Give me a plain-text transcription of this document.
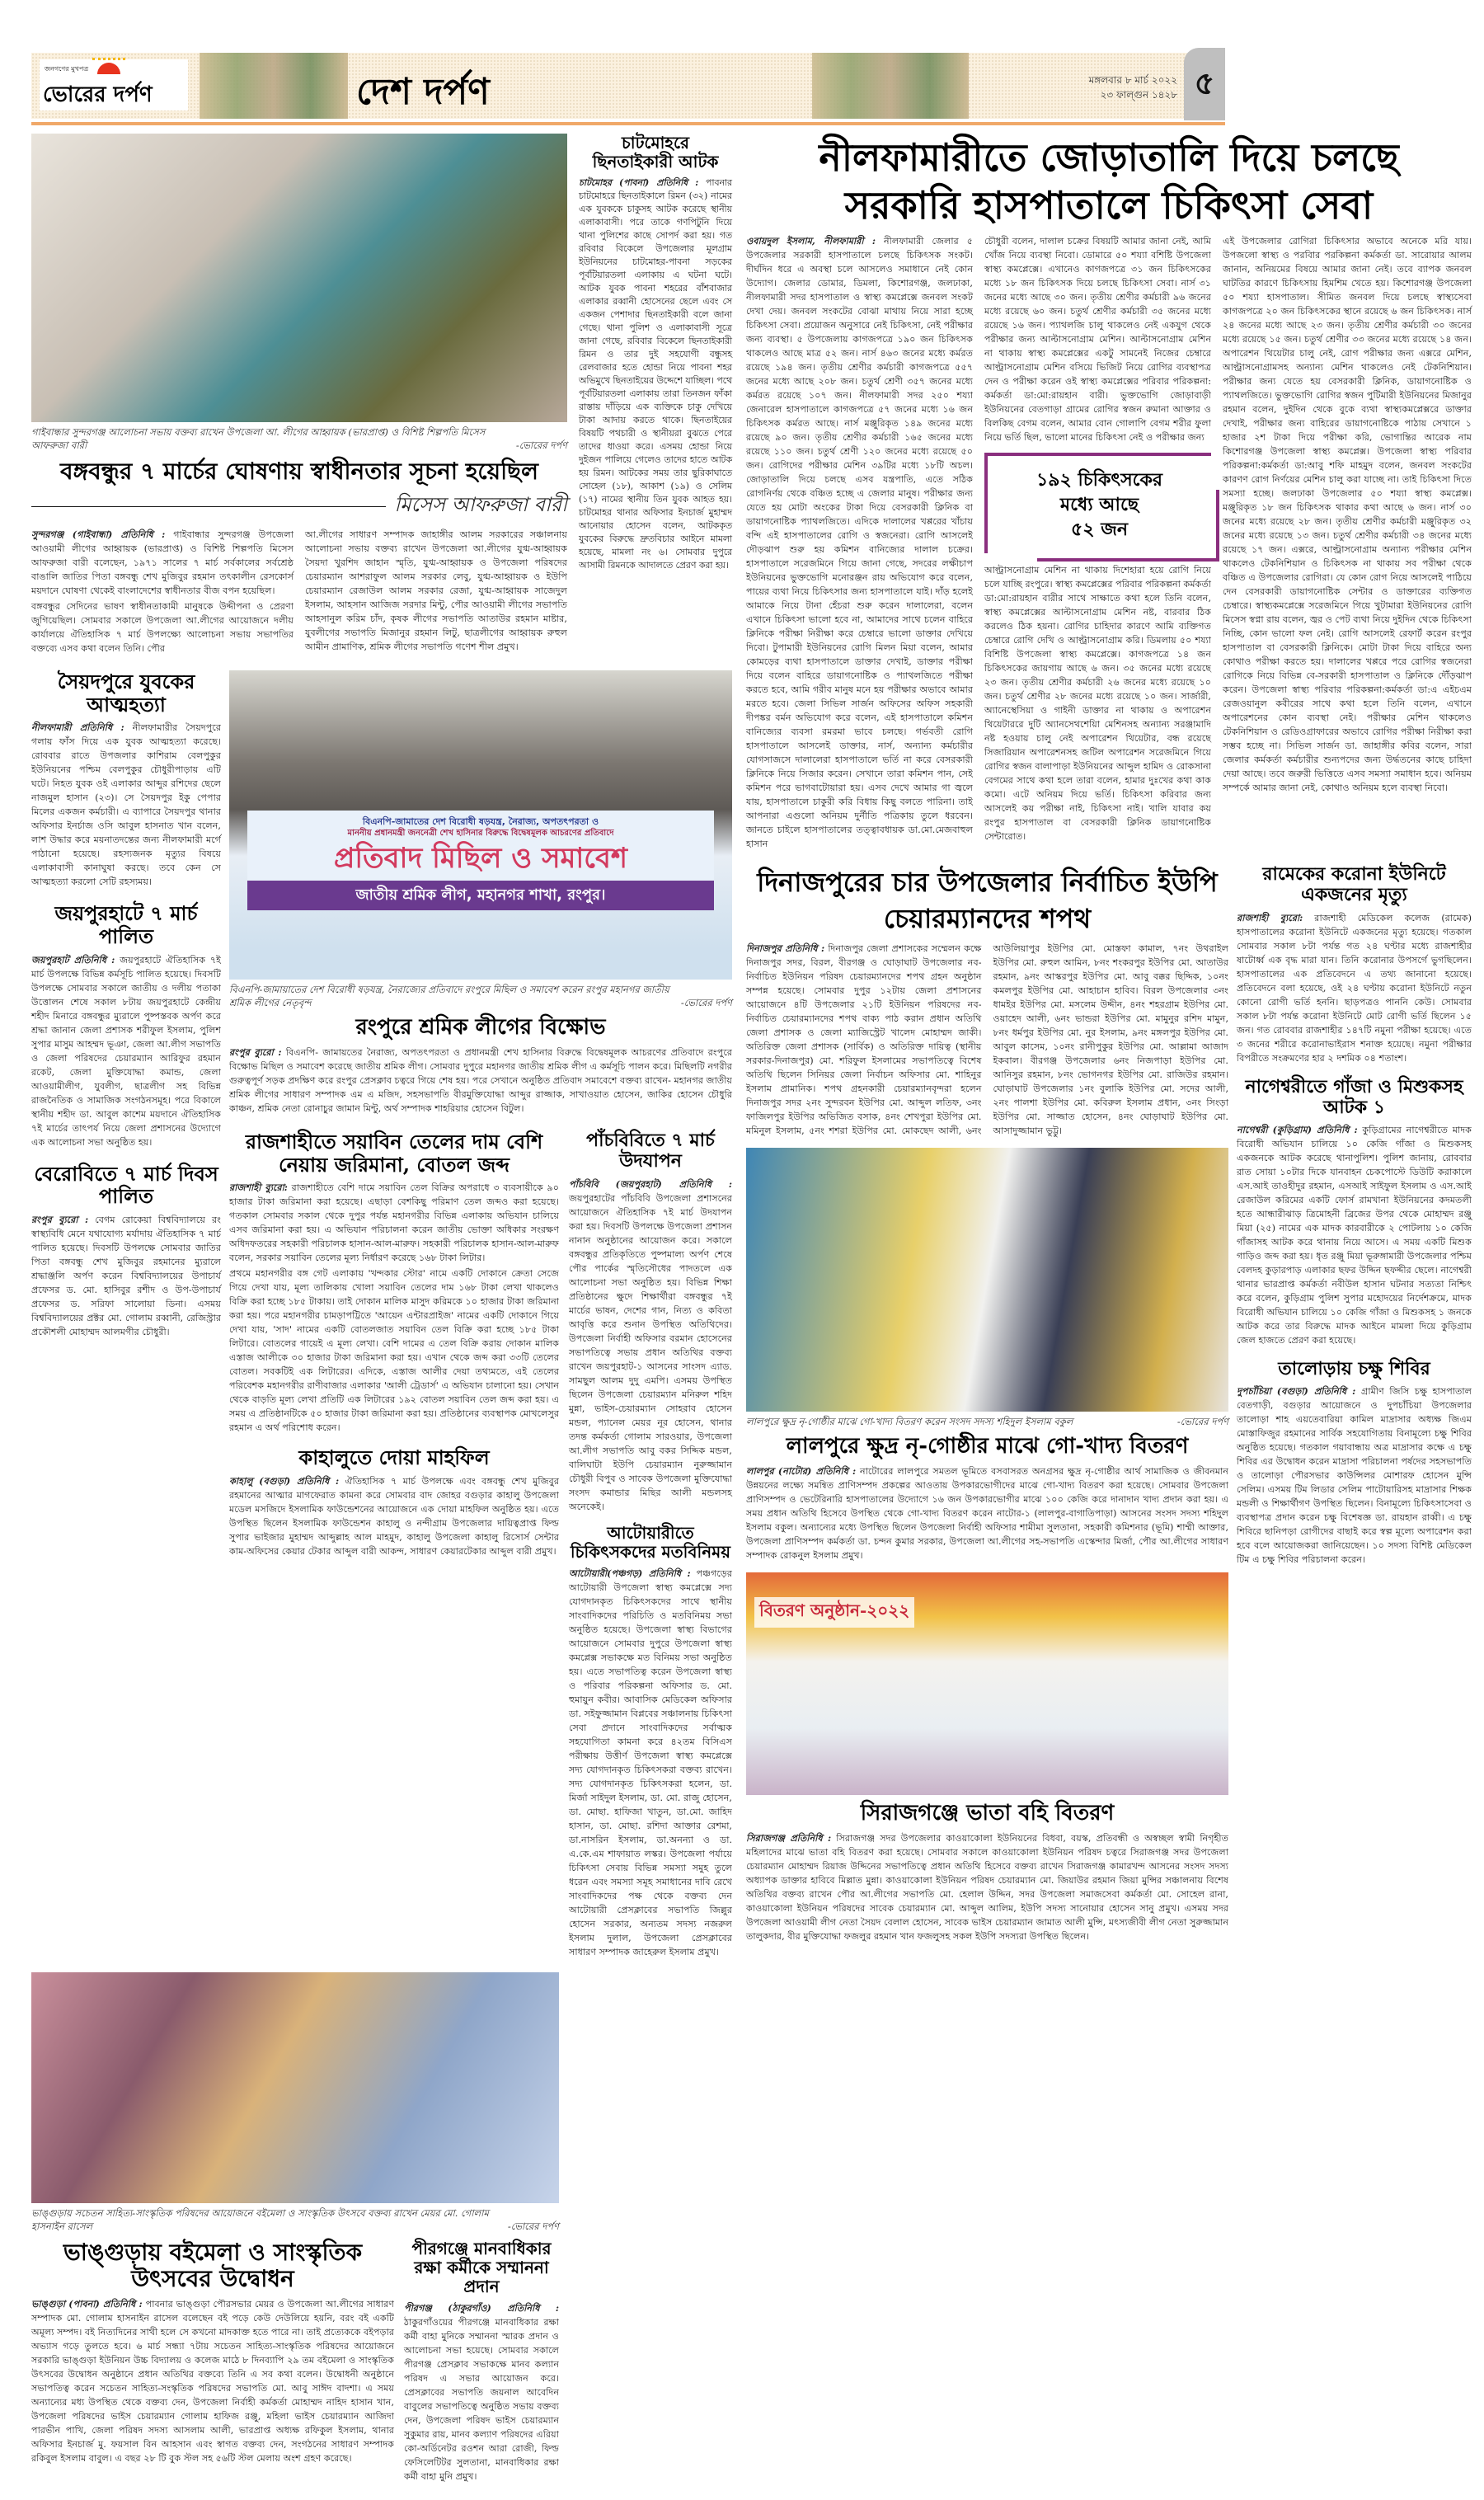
জনগণের মুখপত্র
ভোরের দর্পণ	দেশ দর্পণ	মঙ্গলবার ৮ মার্চ ২০২২
২৩ ফাল্গুন ১৪২৮ ৫
গাইবান্ধার সুন্দরগঞ্জ আলোচনা সভায় বক্তব্য রাখেন উপজেলা আ. লীগের আহ্বায়ক (ভারপ্রাপ্ত) ও বিশিষ্ট শিল্পপতি মিসেস আফরুজা বারী	-ভোরের দর্পণ
বঙ্গবন্ধুর ৭ মার্চের ঘোষণায় স্বাধীনতার সূচনা হয়েছিল
মিসেস আফরুজা বারী

সুন্দরগঞ্জ (গাইবান্ধা) প্রতিনিধি : গাইবান্ধার সুন্দরগঞ্জ উপজেলা আওয়ামী লীগের আহ্বায়ক (ভারপ্রাপ্ত) ও বিশিষ্ট শিল্পপতি মিসেস আফরুজা বারী বলেছেন, ১৯৭১ সালের ৭ মার্চ সর্বকালের সর্বশ্রেষ্ঠ বাঙালি জাতির পিতা বঙ্গবন্ধু শেখ মুজিবুর রহমান তৎকালীন রেসকোর্স ময়দানে ঘোষণা থেকেই বাংলাদেশের স্বাধীনতার বীজ বপন হয়েছিল।

বঙ্গবন্ধুর সেদিনের ভাষণ স্বাধীনতাকামী মানুষকে উদ্দীপনা ও প্রেরণা জুগিয়েছিল। সোমবার সকালে উপজেলা আ.লীগের আয়োজনে দলীয় কার্যালয়ে ঐতিহাসিক ৭ মার্চ উপলক্ষ্যে আলোচনা সভায় সভাপতির বক্তব্যে এসব কথা বলেন তিনি। পৌর

আ.লীগের সাধারণ সম্পাদক জাহাঙ্গীর আলম সরকারের সঞ্চালনায় আলোচনা সভায় বক্তব্য রাখেন উপজেলা আ.লীগের যুগ্ম-আহ্বায়ক সৈয়দা খুরশিদ জাহান স্মৃতি, যুগ্ম-আহ্বায়ক ও উপজেলা পরিষদের চেয়ারম্যান আশরাফুল আলম সরকার লেবু, যুগ্ম-আহ্বায়ক ও ইউপি চেয়ারম্যান রেজাউল আলম সরকার রেজা, যুগ্ম-আহ্বায়ক সাজেদুল ইসলাম, আহসান আজিজ সরদার মিন্টু, পৌর আওয়ামী লীগের সভাপতি আহসানুল করিম চাঁদ, কৃষক লীগের সভাপতি আতাউর রহমান মাষ্টার, যুবলীগের সভাপতি মিজানুর রহমান লিটু, ছাত্রলীগের আহ্বায়ক রুহুল আমীন প্রামাণিক, শ্রমিক লীগের সভাপতি গণেশ শীল প্রমুখ।
চাটমোহরে ছিনতাইকারী আটক
চাটমোহর (পাবনা) প্রতিনিধি : পাবনার চাটমোহরে ছিনতাইকালে রিমন (৩২) নামের এক যুবককে চাকুসহ আটক করেছে স্থানীয় এলাকাবাসী। পরে তাকে গণপিটুনি দিয়ে থানা পুলিশের কাছে সোপর্দ করা হয়। গত রবিবার বিকেলে উপজেলার মূলগ্রাম ইউনিয়নের চাটমোহর-পাবনা সড়কের পূর্বটিয়ারতলা এলাকায় এ ঘটনা ঘটে। আটক যুবক পাবনা শহরের বাঁশবাজার এলাকার রব্বানী হোসেনের ছেলে এবং সে একজন পেশাদার ছিনতাইকারী বলে জানা গেছে। থানা পুলিশ ও এলাকাবাসী সূত্রে জানা গেছে, রবিবার বিকেলে ছিনতাইকারী রিমন ও তার দুই সহযোগী বন্ধুসহ রেলবাজার হতে হোন্ডা নিয়ে পাবনা শহর অভিমুখে ছিনতাইয়ের উদ্দেশে যাচ্ছিল। পথে পূর্বটিয়ারতলা এলাকায় তারা তিনজন ফাঁকা রাস্তায় দাঁড়িয়ে এক ব্যক্তিকে চাকু দেখিয়ে টাকা আদায় করতে থাকে। ছিনতাইয়ের বিষয়টি পথচারী ও স্থানীয়রা বুঝতে পেরে তাদের ধাওয়া করে। এসময় হোন্ডা নিয়ে দুইজন পালিয়ে গেলেও তাদের হাতে আটক হয় রিমন। আটকের সময় তার ছুরিকাঘাতে সোহেল (১৮), আকাশ (১৯) ও সেলিম (১৭) নামের স্থানীয় তিন যুবক আহত হয়। চাটমোহর থানার অফিসার ইনচার্জ মুহাম্মদ আনোয়ার হোসেন বলেন, আটককৃত যুবকের বিরুদ্ধে দ্রুতবিচার আইনে মামলা হয়েছে, মামলা নং ৬। সোমবার দুপুরে আসামী রিমনকে আদালতে প্রেরণ করা হয়।
সৈয়দপুরে যুবকের আত্মহত্যা
নীলফামারী প্রতিনিধি : নীলফামারীর সৈয়দপুরে গলায় ফাঁস দিয়ে এক যুবক আত্মহত্যা করেছে। রোববার রাতে উপজলার কাশিরাম বেলপুকুর ইউনিয়নের পশ্চিম বেলপুকুর চৌধুরীপাড়ায় এটি ঘটে। নিহত যুবক ওই এলাকার আব্দুর রশিদের ছেলে নাজমুল হাসান (২৩)। সে সৈয়দপুর ইকু পেপার মিলের একজন কর্মচারী। এ ব্যাপারে সৈয়দপুর থানার অফিসার ইনর্চাজ ওসি আবুল হাসনাত খান বলেন, লাশ উদ্ধার করে ময়নাতদন্তের জন্য নীলফামারী মর্গে পাঠানো হয়েছে। রহস্যজনক মৃত্যুর বিষয়ে এলাকাবাসী কানাঘুষা করছে। তবে কেন সে আত্মহত্যা করলো সেটি রহস্যময়।
জয়পুরহাটে ৭ মার্চ পালিত
জয়পুরহাট প্রতিনিধি : জয়পুরহাটে ঐতিহাসিক ৭ই মার্চ উপলক্ষে বিভিন্ন কর্মসূচি পালিত হয়েছে। দিবসটি উপলক্ষে সোমবার সকালে জাতীয় ও দলীয় পতাকা উত্তোলন শেষে সকাল ৮টায় জয়পুরহাটে কেন্দ্রীয় শহীদ মিনারে বঙ্গবন্ধুর ম্যুরালে পুষ্পস্তবক অর্পণ করে শ্রদ্ধা জানান জেলা প্রশাসক শরীফুল ইসলাম, পুলিশ সুপার মাসুম আহম্মদ ভূঞা, জেলা আ.লীগ সভাপতি ও জেলা পরিষদের চেয়ারম্যান আরিফুর রহমান রকেট, জেলা মুক্তিযোদ্ধা কমান্ড, জেলা আওয়ামীলীগ, যুবলীগ, ছাত্রলীগ সহ বিভিন্ন রাজনৈতিক ও সামাজিক সংগঠনসমূহ। পরে বিকালে স্থানীয় শহীদ ডা. আবুল কাশেম ময়দানে ঐতিহাসিক ৭ই মার্চের তাৎপর্য নিয়ে জেলা প্রশাসনের উদ্যোগে এক আলোচনা সভা অনুষ্ঠিত হয়।
বেরোবিতে ৭ মার্চ দিবস পালিত
রংপুর ব্যুরো : বেগম রোকেয়া বিশ্ববিদ্যালয়ে রং স্বাস্থ্যবিধি মেনে যথাযোগ্য মর্যাদায় ঐতিহাসিক ৭ মার্চ পালিত হয়েছে। দিবসটি উপলক্ষে সোমবার জাতির পিতা বঙ্গবন্ধু শেখ মুজিবুর রহমানের ম্যুরালে শ্রদ্ধাঞ্জলি অর্পণ করেন বিশ্ববিদ্যালয়ের উপাচার্য প্রফেসর ড. মো. হাসিবুর রশীদ ও উপ-উপাচার্য প্রফেসর ড. সরিফা সালোয়া ডিনা। এসময় বিশ্ববিদ্যালয়ের প্রক্টর মো. গোলাম রব্বানী, রেজিস্ট্রার প্রকৌশলী মোহাম্মদ আলমগীর চৌধুরী।
বিএনপি-জামাতের দেশ বিরোধী ষড়যন্ত্র, নৈরাজ্য, অপতৎপরতা ও
মাননীয় প্রধানমন্ত্রী জননেত্রী শেখ হাসিনার বিরুদ্ধে বিদ্বেষমূলক আচরণের প্রতিবাদে
প্রতিবাদ মিছিল ও সমাবেশ
জাতীয় শ্রমিক লীগ, মহানগর শাখা, রংপুর।
বিএনপি-জামায়াতের দেশ বিরোধী ষড়যন্ত্র, নৈরাজ্যের প্রতিবাদে রংপুরে মিছিল ও সমাবেশ করেন রংপুর মহানগর জাতীয় শ্রমিক লীগের নেতৃবৃন্দ	-ভোরের দর্পণ
রংপুরে শ্রমিক লীগের বিক্ষোভ
রংপুর ব্যুরো : বিএনপি- জামায়তের নৈরাজ্য, অপতৎপরতা ও প্রধানমন্ত্রী শেখ হাসিনার বিরুদ্ধে বিদ্বেষমূলক আচরণের প্রতিবাদে রংপুরে বিক্ষোভ মিছিল ও সমাবেশ করেছে জাতীয় শ্রমিক লীগ। সোমবার দুপুরে মহানগর জাতীয় শ্রমিক লীগ এ কর্মসূচি পালন করে। মিছিলটি নগরীর গুরুত্বপূর্ণ সড়ক প্রদক্ষিণ করে রংপুর প্রেসক্লাব চত্বরে গিয়ে শেষ হয়। পরে সেখানে অনুষ্ঠিত প্রতিবাদ সমাবেশে বক্তব্য রাখেন- মহানগর জাতীয় শ্রমিক লীগের সাধারণ সম্পাদক এম এ মজিদ, সহসভাপতি বীরমুক্তিযোদ্ধা আব্দুর রাজ্জাক, সাখাওয়াত হোসেন, জাকির হোসেন চৌধুরি কাঞ্চন, শ্রমিক নেতা রোনাচুর জামান মিন্টু, অর্থ সম্পাদক শাহরিয়ার হোসেন বিটুল।
রাজশাহীতে সয়াবিন তেলের দাম বেশি নেয়ায় জরিমানা, বোতল জব্দ

রাজশাহী ব্যুরো: রাজশাহীতে বেশি দামে সয়াবিন তেল বিক্রির অপরাধে ৩ ব্যবসায়ীকে ৯০ হাজার টাকা জরিমানা করা হয়েছে। এছাড়া বেশকিছু পরিমাণ তেল জব্দও করা হয়েছে। গতকাল সোমবার সকাল থেকে দুপুর পর্যন্ত মহানগরীর বিভিন্ন এলাকায় অভিযান চালিয়ে এসব জরিমানা করা হয়। এ অভিযান পরিচালনা করেন জাতীয় ভোক্তা অধিকার সংরক্ষণ অধিদফতরের সহকারী পরিচালক হাসান-আল-মারুফ। সহকারী পরিচালক হাসান-আল-মারুফ বলেন, সরকার সয়াবিন তেলের মূল্য নির্ধারণ করেছে ১৬৮ টাকা লিটার।

প্রথমে মহানগরীর বঙ্গ গেট এলাকায় 'খন্দকার স্টোর' নামে একটি দোকানে ক্রেতা সেজে গিয়ে দেখা যায়, মূল্য তালিকায় খোলা সয়াবিন তেলের দাম ১৬৮ টাকা লেখা থাকলেও বিক্রি করা হচ্ছে ১৮৫ টাকায়। তাই দোকান মালিক মাসুদ করিমকে ১০ হাজার টাকা জরিমানা করা হয়। পরে মহানগরীর চামড়াপট্টিতে 'আয়েন এন্টারপ্রাইজ' নামের একটি দোকানে গিয়ে দেখা যায়, 'সাদ' নামের একটি বোতলজাত সয়াবিন তেল বিক্রি করা হচ্ছে ১৮৫ টাকা লিটারে। বোতলের গায়েই এ মূল্য লেখা। বেশি দামের এ তেল বিক্রি করায় দোকান মালিক এস্তাজ আলীকে ৩০ হাজার টাকা জরিমানা করা হয়। এখান থেকে জব্দ করা ৩৩টি তেলের বোতল। সবকটিই এক লিটারের। এদিকে, এস্তাজ আলীর দেয়া তথ্যমতে, এই তেলের পরিবেশক মহানগরীর রাণীবাজার এলাকার 'আলী ট্রেডার্স' এ অভিযান চালানো হয়। সেখান থেকে বাড়তি মূল্য লেখা প্রতিটি এক লিটারের ১৯২ বোতল সয়াবিন তেল জব্দ করা হয়। এ সময় এ প্রতিষ্ঠানটিকে ৫০ হাজার টাকা জরিমানা করা হয়। প্রতিষ্ঠানের ব্যবস্থাপক মোখলেসুর রহমান এ অর্থ পরিশোধ করেন।

কাহালুতে দোয়া মাহফিল
কাহালু (বগুড়া) প্রতিনিধি : ঐতিহাসিক ৭ মার্চ উপলক্ষে এবং বঙ্গবন্ধু শেখ মুজিবুর রহমানের আত্মার মাগফেরাত কামনা করে সোমবার বাদ জোহর বগুড়ার কাহালু উপজেলা মডেল মসজিদে ইসলামিক ফাউন্ডেশনের আয়োজনে এক দোয়া মাহফিল অনুষ্ঠিত হয়। এতে উপস্থিত ছিলেন ইসলামিক ফাউন্ডেশন কাহালু ও নন্দীগ্রাম উপজেলার দায়িত্বপ্রাপ্ত ফিল্ড সুপার ভাইজার মুহাম্মদ আব্দুল্লাহ আল মাহমুদ, কাহালু উপজেলা কাহালু রিসোর্স সেন্টার কাম-অফিসের কেয়ার টেকার আব্দুল বারী আকন্দ, সাধারণ কেয়ারটেকার আব্দুল বারী প্রমুখ।
পাঁচবিবিতে ৭ মার্চ উদযাপন
পাঁচবিবি (জয়পুরহাট) প্রতিনিধি : জয়পুরহাটের পাঁচবিবি উপজেলা প্রশাসনের আয়োজনে ঐতিহাসিক ৭ই মার্চ উদযাপন করা হয়। দিবসটি উপলক্ষে উপজেলা প্রশাসন নানান অনুষ্ঠানের আয়োজন করে। সকালে বঙ্গবন্ধুর প্রতিকৃতিতে পুষ্পমাল্য অর্পণ শেষে পৌর পার্কের স্মৃতিসৌধের পাদতলে এক আলোচনা সভা অনুষ্ঠিত হয়। বিভিন্ন শিক্ষা প্রতিষ্ঠানের ক্ষুদে শিক্ষার্থীরা বঙ্গবন্ধুর ৭ই মার্চের ভাষন, দেশের গান, নিত্য ও কবিতা আবৃত্তি করে শুনান উপস্থিত অতিথিদের। উপজেলা নির্বাহী অফিসার বরমান হোসেনের সভাপতিত্বে সভায় প্রধান অতিথির বক্তব্য রাখেন জয়পুরহাট-১ আসনের সাংসদ এ্যাড. সামছুল আলম দুদু এমপি। এসময় উপস্থিত ছিলেন উপজেলা চেয়ারম্যান মনিরুল শহিদ মুন্না, ভাইস-চেয়ারম্যান সোহরাব হোসেন মন্ডল, প্যানেল মেয়র নূর হোসেন, থানার তদন্ত কর্মকর্তা গোলাম সারওয়ার, উপজেলা আ.লীগ সভাপতি আবু বকর সিদ্দিক মন্ডল, বালিঘাটা ইউপি চেয়ারম্যান নুরুজ্জামান চৌধুরী বিপুব ও সাবেক উপজেলা মুক্তিযোদ্ধা সংসদ কমান্ডার মিছির আলী মন্ডলসহ অনেকেই।
আটোয়ারীতে চিকিৎসকদের মতবিনিময়
আটোয়ারী(পঞ্চগড়) প্রতিনিধি : পঞ্চগড়ের আটোয়ারী উপজেলা স্বাস্থ্য কমপ্লেক্সে সদ্য যোগদানকৃত চিকিৎসকদের সাথে স্থানীয় সাংবাদিকদের পরিচিতি ও মতবিনিময় সভা অনুষ্ঠিত হয়েছে। উপজেলা স্বাস্থ্য বিভাগের আয়োজনে সোমবার দুপুরে উপজেলা স্বাস্থ্য কমপ্লেক্স সভাকক্ষে মত বিনিময় সভা অনুষ্ঠিত হয়। এতে সভাপতিত্ব করেন উপজেলা স্বাস্থ্য ও পরিবার পরিকল্পনা অফিসার ড. মো. হুমায়ুন কবীর। আবাসিক মেডিকেল অফিসার ডা. সইফুজ্জামান বিপ্লবের সঞ্চালনায় চিকিৎসা সেবা প্রদানে সাংবাদিকদের সর্বাত্মক সহযোগিতা কামনা করে ৪২তম বিসিএস পরীক্ষায় উত্তীর্ণ উপজেলা স্বাস্থ্য কমপ্লেক্সে সদ্য যোগদানকৃত চিকিৎসকরা বক্তব্য রাখেন। সদ্য যোগদানকৃত চিকিৎসকরা হলেন, ডা. মির্জা সাইদুল ইসলাম, ডা. মো. রাজু হোসেন, ডা. মোছা. হাফিজা খাতুন, ডা.মো. জাহিদ হাসান, ডা. মোছা. রশিদা আক্তার রেশমা, ডা.নাসরিন ইসলাম, ডা.অনন্যা ও ডা. এ.কে.এম শাফায়াত লস্কর। উপজেলা পর্যায়ে চিকিৎসা সেবায় বিভিন্ন সমস্যা সমুহ তুলে ধরেন এবং সমস্যা সমূহ সমাধানের দাবি রেখে সাংবাদিকদের পক্ষ থেকে বক্তব্য দেন আটোয়ারী প্রেসক্লাবের সভাপতি জিল্লুর হোসেন সরকার, অন্যতম সদস্য নজরুল ইসলাম দুলাল, উপজেলা প্রেসক্লাবের সাধারণ সম্পাদক জাহেরুল ইসলাম প্রমুখ।
ভাঙ্গুড়ায় সচেতন সাহিত্য-সাংস্কৃতিক পরিষদের আয়োজনে বইমেলা ও সাংস্কৃতিক উৎসবে বক্তব্য রাখেন মেয়র মো. গোলাম হাসনাইন রাসেল	-ভোরের দর্পণ
ভাঙ্গুড়ায় বইমেলা ও সাংস্কৃতিক উৎসবের উদ্বোধন
ভাঙ্গুড়া (পাবনা) প্রতিনিধি : পাবনার ভাঙ্গুড়া পৌরসভার মেয়র ও উপজেলা আ.লীগের সাধারণ সম্পাদক মো. গোলাম হাসনাইন রাসেল বলেছেন বই পড়ে কেউ দেউলিয়ে হয়নি, বরং বই একটি অমূল্য সম্পদ। বই নিত্যদিনের সাথী হলে সে কখনো মাদকাক্ত হতে পারে না। তাই প্রত্যেককে বইপড়ার অভ্যাস গড়ে তুলতে হবে। ৬ মার্চ সন্ধ্যা ৭টায় সচেতন সাহিত্য-সাংস্কৃতিক পরিষদের আয়োজনে সরকারি ভাঙ্গুড়া ইউনিয়ন উচ্চ বিদ্যালয় ও কলেজ মাঠে ৮ দিনব্যাপি ২৯ তম বইমেলা ও সাংস্কৃতিক উৎসবের উদ্বোধন অনুষ্ঠানে প্রধান অতিথির বক্তব্যে তিনি এ সব কথা বলেন। উদ্বোধনী অনুষ্ঠানে সভাপতিত্ব করেন সচেতন সাহিত্য-সংস্কৃতিক পরিষদের সভাপতি মো. আবু সাঈদ বাদশা। এ সময় অন্যান্যের মধ্য উপস্থিত থেকে বক্তব্য দেন, উপজেলা নির্বাহী কর্মকর্তা মোহাম্মদ নাহিদ হাসান খান, উপজেলা পরিষদের ভাইস চেয়ারম্যান গোলাম হাফিজ রঞ্জু, মহিলা ভাইস চেয়ারম্যান আজিদা পারভীন পাখি, জেলা পরিষদ সদস্য আসলাম আলী, ভারপ্রাপ্ত অধ্যক্ষ রফিকুল ইসলাম, থানার অফিসার ইনচার্জ মু. ফয়সাল বিন আহসান এবং স্বাগত বক্তব্য দেন, সংগঠনের সাধারণ সম্পাদক রকিবুল ইসলাম বাবুল। এ বছর ২৮ টি বুক স্টল সহ ৫৬টি স্টল মেলায় অংশ গ্রহণ করেছে।
পীরগঞ্জে মানবাধিকার রক্ষা কর্মীকে সম্মাননা প্রদান
পীরগঞ্জ (ঠাকুরগাঁও) প্রতিনিধি : ঠাকুরগাঁওয়ের পীরগঞ্জে মানবাধিকার রক্ষা কর্মী বাহা মুনিকে সম্মাননা স্মারক প্রদান ও আলোচনা সভা হয়েছে। সোমবার সকালে পীরগঞ্জ প্রেসক্লাব সভাকক্ষে মানব কল্যান পরিষদ এ সভার আয়োজন করে। প্রেসক্লাবের সভাপতি জয়নাল আবেদিন বাবুলের সভাপতিত্বে অনুষ্ঠিত সভায় বক্তব্য দেন, উপজেলা পরিষদ ভাইস চেয়ারম্যান সুকুমার রায়, মানব কল্যাণ পরিষদের এরিয়া কো-অর্ডিনেটর রওশন আরা রোজী, ফিল্ড ফেসিলেটিটর সুলতানা, মানবাধিকার রক্ষা কর্মী বাহা মুনি প্রমুখ।
নীলফামারীতে জোড়াতালি দিয়ে চলছে
সরকারি হাসপাতালে চিকিৎসা সেবা
ওবায়দুল ইসলাম, নীলফামারী : নীলফামারী জেলার ৫ উপজেলার সরকারী হাসপাতালে চলছে চিকিৎসক সংকট। দীর্ঘদিন ধরে এ অবস্থা চলে আসলেও সমাধানে নেই কোন উদ্যোগ। জেলার ডোমার, ডিমলা, কিশোরগঞ্জ, জলঢাকা, নীলফামারী সদর হাসপাতাল ও স্বাস্থ্য কমপ্লেক্সে জনবল সংকট দেখা দেয়। জনবল সংকটের বোঝা মাথায় নিয়ে সারা হচ্ছে চিকিৎসা সেবা। প্রয়োজন অনুসারে নেই চিকিৎসা, নেই পরীক্ষার জন্য ব্যবস্থা। ৫ উপজেলায় কাগজপত্রে ১৯০ জন চিকিৎসক থাকলেও আছে মাত্র ৫২ জন। নার্স ৪৬৩ জনের মধ্যে কর্মরত রয়েছে ১৯৪ জন। তৃতীয় শ্রেণীর কর্মচারী কাগজপত্রে ৫৫৭ জনের মধ্যে আছে ২০৮ জন। চতুর্থ শ্রেণী ৩৫৭ জনের মধ্যে কর্মরত রয়েছে ১০৭ জন। নীলফামারী সদর ২৫০ শয্যা জেনারেল হাসপাতালে কাগজপত্রে ৫৭ জনের মধ্যে ১৬ জন চিকিৎসক কর্মরত আছে। নার্স মঞ্জুরিকৃত ১৪৯ জনের মধ্যে রয়েছে ৯০ জন। তৃতীয় শ্রেণীর কর্মচারী ১৬৫ জনের মধ্যে রয়েছে ১১০ জন। চতুর্থ শ্রেণী ১২০ জনের মধ্যে রয়েছে ৫০ জন। রোগিদের পরীক্ষার মেশিন ৩৯টির মধ্যে ১৮টি অচল। জোড়াতালি দিয়ে চলছে এসব যন্ত্রপাতি, এতে সঠিক রোগনির্ণয় থেকে বঞ্চিত হচ্ছে এ জেলার মানুষ। পরীক্ষার জন্য যেতে হয় মোটা অংকের টাকা দিয়ে বেসরকারী ক্লিনিক বা ডায়াগনোষ্টিক প্যাথলজিতে। এদিকে দালালের খপ্পরের খাঁচায় বন্দি এই হাসপাতালের রোগি ও স্বজনেরা। রোগি আসলেই দৌড়ঝাপ শুরু হয় কমিশন বানিজ্যের দালাল চক্রের। হাসপাতালে সরেজমিনে গিয়ে জানা গেছে, সদরের লক্ষীচাপ ইউনিয়নের ভুক্তভোগি মনোরঞ্জন রায় অভিযোগ করে বলেন, পায়ের ব্যথা নিয়ে চিকিৎসার জন্য হাসপাতালে যাই। দাঁড় হলেই আমাকে নিয়ে টানা হেঁচরা শুরু করেন দালালেরা, বলেন এখানে চিকিৎসা ভালো হবে না, আমাদের সাথে চলেন বাহিরে ক্লিনিকে পরীক্ষা নিরীক্ষা করে চেম্বারে ভালো ডাক্তার দেখিয়ে দিবো। টুপামারী ইউনিয়নের রোগি মিলন মিয়া বলেন, আমার কোমড়ের ব্যথা হাসপাতালে ডাক্তার দেখাই, ডাক্তার পরীক্ষা দিয়ে বলেন বাহিরে ডায়াগনোষ্টিক ও প্যাথলজিতে পরীক্ষা করতে হবে, আমি গরীব মানুষ মনে হয় পরীক্ষার অভাবে আমার মরতে হবে। জেলা সিভিল সার্জন অফিসের অফিস সহকারী দীপঙ্কর বর্মন অভিযোগ করে বলেন, এই হাসপাতালে কমিশন বানিজ্যের ব্যবসা রমরমা ভাবে চলছে। গর্ভবতী রোগি হাসপাতালে আসলেই ডাক্তার, নার্স, অন্যান্য কর্মচারীর যোগসাজসে দালালেরা হাসপাতালে ভর্তি না করে বেসরকারী ক্লিনিকে নিয়ে সিজার করেন। সেখানে তারা কমিশন পান, সেই কমিশন পরে ভাগবাটোয়ারা হয়। এসব দেখে আমার গা জ্বলে যায়, হাসপাতালে চাকুরী করি বিধায় কিছু বলতে পারিনা। তাই আপনারা এগুলো অনিয়ম দুর্নীতি পত্রিকায় তুলে ধরবেন। জানতে চাইলে হাসপাতালের তত্ত্বাবধায়ক ডা.মো.মেজবাহুল হাসান
চৌধুরী বলেন, দালাল চক্রের বিষয়টি আমার জানা নেই, আমি খোঁজ নিয়ে ব্যবস্থা নিবো। ডোমারে ৫০ শয্যা বশিষ্টি উপজেলা স্বাস্থ্য কমপ্লেক্সে। এখানেও কাগজপত্রে ৩১ জন চিকিৎসকের মধ্যে ১৮ জন চিকিৎসক দিয়ে চলছে চিকিৎসা সেবা। নার্স ৩১ জনের মধ্যে আছে ৩০ জন। তৃতীয় শ্রেণীর কর্মচারী ৯৬ জনের মধ্যে রয়েছে ৬০ জন। চতুর্থ শ্রেণীর কর্মচারী ৩৫ জনের মধ্যে রয়েছে ১৬ জন। প্যাথলজি চালু থাকলেও নেই একযুগ থেকে পরীক্ষার জন্য আল্টাসনোগ্রাম মেশিন। আল্টাসনোগ্রাম মেশিন না থাকায় স্বাস্থ্য কমপ্লেক্সের একটু সামনেই নিজের চেম্বারে আল্ট্রাসনোগ্রাম মেশিন বসিয়ে ভিজিট নিয়ে রোগির ব্যবস্থাপত্র দেন ও পরীক্ষা করেন ওই স্বাস্থ্য কমপ্লেক্সের পরিবার পরিকল্পনা: কর্মকর্তা ডা:মো:রায়হান বারী। ভুক্তভোগি জোড়াবাড়ী ইউনিয়নের বেতগাড়া গ্রামের রোগির স্বজন রুমানা আক্তার ও বিলকিছ বেগম বলেন, আমার বোন গোলাপি বেগম শরীর ফুলা নিয়ে ভর্তি ছিল, ভালো মানের চিকিৎসা নেই ও পরীক্ষার জন্য
১৯২ চিকিৎসকের
মধ্যে আছে
৫২ জন
আল্ট্রাসনোগ্রাম মেশিন না থাকায় দিশেহারা হয়ে রোগি নিয়ে চলে যাচ্ছি রংপুরে। স্বাস্থ্য কমপ্লেক্সের পরিবার পরিকল্পনা কর্মকর্তা ডা:মো:রায়হান বারীর সাথে সাক্ষাতে কথা হলে তিনি বলেন, স্বাস্থ্য কমপ্লেক্সের আল্টাসনোগ্রাম মেশিন নষ্ট, বারবার ঠিক করলেও ঠিক হয়না। রোগির চাহিদার কারণে আমি ব্যক্তিগত চেম্বারে রোগি দেখি ও আল্ট্রাসনোগ্রাম করি। ডিমলায় ৫০ শয্যা বিশিষ্টি উপজেলা স্বাস্থ্য কমপ্লেক্সে। কাগজপত্রে ১৪ জন চিকিৎসকের জায়গায় আছে ৬ জন। ৩৫ জনের মধ্যে রয়েছে ২৩ জন। তৃতীয় শ্রেণীর কর্মচারী ২৬ জনের মধ্যে রয়েছে ১০ জন। চতুর্থ শ্রেণীর ২৮ জনের মধ্যে রয়েছে ১০ জন। সার্জারী, অ্যানেস্থেসিয়া ও গাইনী ডাক্তার না থাকায় ও অপারেশন থিয়েটাররে দুটি অ্যানসেথশেয়িা মেশিনসহ অন্যান্য সরঞ্জামাদি নষ্ট হওয়ায় চালু নেই অপারেশন থিয়েটার, বন্ধ রয়েছে সিজারিয়ান অপারেশনসহ জটিল অপারেশন সরেজমিনে গিয়ে রোগির স্বজন বালাপাড়া ইউনিয়নের আব্দুল হামিদ ও রোকসানা বেগমের সাথে কথা হলে তারা বলেন, হামার দুঃখের কথা কাক কমো। এটে অনিয়ম দিয়ে ভর্তি। চিকিৎসা করিবার জন্য আসলেই কয় পরীক্ষা নাই, চিকিৎসা নাই। খালি যাবার কয় রংপুর হাসপাতাল বা বেসরকারী ক্লিনিক ডায়াগনোষ্টিক সেন্টারোত।
এই উপজেলার রোগিরা চিকিৎসার অভাবে অনেকে মরি যায়। উপজলো স্বাস্থ্য ও পরবিার পরকিল্পনা কর্মকর্তা ডা. সারোয়ার আলম জানান, অনিয়মের বিষয়ে আমার জানা নেই। তবে ব্যাপক জনবল ঘাটতির কারণে চিকিৎসায় হিমশিম খেতে হয়। কিশোরগঞ্জ উপজেলা ৫০ শয্যা হাসপাতাল। সীমিত জনবল দিয়ে চলছে স্বাস্থ্যসেবা কাগজপত্রে ২০ জন চিকিৎসকের স্থানে রয়েছে ৬ জন চিকিৎসক। নার্স ২৪ জনের মধ্যে আছে ২৩ জন। তৃতীয় শ্রেণীর কর্মচারী ৩০ জনের মধ্যে রয়েছে ১৫ জন। চতুর্থ শ্রেণীর ৩৩ জনের মধ্যে রয়েছে ১৪ জন। অপারেশন থিয়েটার চালু নেই, রোগ পরীক্ষার জন্য এক্সরে মেশিন, আল্ট্রাসনোগ্রামসহ অন্যান্য মেশিন থাকলেও নেই টেকনিশিয়ান। পরীক্ষার জন্য যেতে হয় বেসরকারী ক্লিনিক, ডায়াগনোষ্টিক ও প্যাথলজিতে। ভুক্তভোগি রোগির স্বজন পুটিমারী ইউনিয়নের মিজানুর রহমান বলেন, দুইদিন থেকে বুকে ব্যথা স্বাস্থ্যকমপ্লেক্সরে ডাক্তার দেখাই, পরীক্ষার জন্য বাহিরের ডায়াগনোষ্টিকে পাঠায় সেখানে ১ হাজার ২শ টাকা দিয়ে পরীক্ষা করি, ভোগান্তির আরেক নাম কিশোরগঞ্জ উপজেলা স্বাস্থ্য কমপ্লেক্স। উপজেলা স্বাস্থ্য পরিবার পরিকল্পনা:কর্মকর্তা ডা:আবু শফি মাহমুদ বলেন, জনবল সংকটের কারণণ রোগ নির্ণয়ের মেশিন চালু করা যাচ্ছে না। তাই চিকিৎসা দিতে সমস্যা হচ্ছে। জলঢাকা উপজেলার ৫০ শয্যা স্বাস্থ্য কমপ্লেক্স। মঞ্জুরিকৃত ১৮ জন চিকিৎসক থাকার কথা আছে ৬ জন। নার্স ৩০ জনের মধ্যে রয়েছে ২৮ জন। তৃতীয় শ্রেণীর কর্মচারী মঞ্জুরিকৃত ৩২ জনের মধ্যে রয়েছে ১৩ জন। চতুর্থ শ্রেণীর কর্মচারী ৩৪ জনের মধ্যে রয়েছে ১৭ জন। এক্সরে, আল্ট্রাসনোগ্রাম অন্যান্য পরীক্ষার মেশিন থাকলেও টেকনিশিয়ান ও চিকিৎসক না থাকায় সব পরীক্ষা থেকে বঞ্চিত এ উপজেলার রোগিরা। যে কোন রোগ নিয়ে আসলেই পাঠিয়ে দেন বেসরকারী ডায়াগনোষ্টিক সেন্টার ও ডাক্তারের ব্যক্তিগত চেম্বারে। স্বাস্থ্যকমপ্লেক্সে সরেজমিনে গিয়ে খুটামারা ইউনিয়নের রোগি মিসেস স্বপ্না রায় বলেন, জ্বর ও পেট ব্যথা নিয়ে দুইদিন থেকে চিকিৎসা নিচ্ছি, কোন ভালো ফল নেই। রোগি আসলেই রেফার্ট করেন রংপুর হাসপাতাল বা বেসরকারী ক্লিনিকে। মোটা টাকা দিয়ে বাহিরে অন্য কোথাও পরীক্ষা করতে হয়। দালালের খপ্পরে পরে রোগির স্বজনেরা রোগিকে নিয়ে বিভিন্ন বে-সরকারী হাসপাতাল ও ক্লিনিকে দৌঁড়ঝাপ করেন। উপজেলা স্বাস্থ্য পরিবার পরিকল্পনা:কর্মকর্তা ডা:এ এইচএম রেজওয়ানুল কবীরের সাথে কথা হলে তিনি বলেন, এখানে অপারেশনের কোন ব্যবস্থা নেই। পরীক্ষার মেশিন থাকলেও টেকনিশিয়ান ও রেডিওগ্রাফারের অভাবে রোগির পরীক্ষা নিরীক্ষা করা সম্ভব হচ্ছে না। সিভিল সার্জন ডা. জাহাঙ্গীর কবির বলেন, সারা জেলার কর্মকর্তা কর্মচারীর শুন্যপদের জন্য উর্দ্ধতনের কাছে চাহিদা দেয়া আছে। তবে জরুরী ভিত্তিতে এসব সমস্যা সমাধান হবে। অনিয়ম সম্পর্কে আমার জানা নেই, কোথাও অনিয়ম হলে ব্যবস্থা নিবো।
দিনাজপুরের চার উপজেলার নির্বাচিত ইউপি চেয়ারম্যানদের শপথ
দিনাজপুর প্রতিনিধি : দিনাজপুর জেলা প্রশাসকের সম্মেলন কক্ষে দিনাজপুর সদর, বিরল, বীরগঞ্জ ও ঘোড়াঘাট উপজেলার নব-নির্বাচিত ইউনিয়ন পরিষদ চেয়ারম্যানদের শপথ গ্রহন অনুষ্ঠান সম্পন্ন হয়েছে। সোমবার দুপুর ১২টায় জেলা প্রশাসনের আয়োজনে ৪টি উপজেলার ২১টি ইউনিয়ন পরিষদের নব-নির্বাচিত চেয়ারম্যানদের শপথ বাক্য পাঠ করান প্রধান অতিথি জেলা প্রশাসক ও জেলা ম্যাজিস্ট্রেট খালেদ মোহাম্মদ জাকী। অতিরিক্ত জেলা প্রশাসক (সার্বিক) ও অতিরিক্ত দায়িত্ব (স্থানীয় সরকার-দিনাজপুর) মো. শরিফুল ইসলামের সভাপতিত্বে বিশেষ অতিথি ছিলেন সিনিয়র জেলা নির্বাচন অফিসার মো. শাহিনুর ইসলাম প্রামানিক। শপথ গ্রহনকারী চেয়ারম্যানবৃন্দরা হলেন দিনাজপুর সদর ২নং সুন্দরবন ইউপির মো. আব্দুল লতিফ, ৩নং ফাজিলপুর ইউপির অভিজিত বসাক, ৪নং শেখপুরা ইউপির মো. মমিনুল ইসলাম, ৫নং শশরা ইউপির মো. মোকছেদ আলী, ৬নং আউলিয়াপুর ইউপির মো. মোস্তফা কামাল, ৭নং উথরাইল ইউপির মো. রুহুল আমিন, ৮নং শংকরপুর ইউপির মো. আতাউর রহমান, ৯নং আস্করপুর ইউপির মো. আবু বক্কর ছিদ্দিক, ১০নং কমলপুর ইউপির মো. আহাচান হাবিব। বিরল উপজেলার ৩নং ধামইর ইউপির মো. মসলেম উদ্দীন, ৪নং শহরগ্রাম ইউপির মো. ওয়াহেদ আলী, ৬নং ভান্ডরা ইউপির মো. মামুনুর রশিদ মামুন, ৮নং ধর্মপুর ইউপির মো. নুর ইসলাম, ৯নং মঙ্গলপুর ইউপির মো. আবুল কাসেম, ১০নং রানীপুকুর ইউপির মো. আল্লামা আজাদ ইকবাল। বীরগঞ্জ উপজেলার ৬নং নিজপাড়া ইউপির মো. আনিসুর রহমান, ৮নং ভোগনগর ইউপির মো. রাজিউর রহমান। ঘোড়াঘাট উপজেলার ১নং বুলাকি ইউপির মো. সদের আলী, ২নং পালশা ইউপির মো. কবিরুল ইসলাম প্রধান, ৩নং সিংড়া ইউপির মো. সাজ্জাত হোসেন, ৪নং ঘোড়াঘাট ইউপির মো. আসাদুজ্জামান ভুট্টু।
লালপুরে ক্ষুদ্র নৃ-গোষ্ঠীর মাঝে গো-খাদ্য বিতরণ করেন সংসদ সদস্য শহিদুল ইসলাম বকুল	-ভোরের দর্পণ
লালপুরে ক্ষুদ্র নৃ-গোষ্ঠীর মাঝে গো-খাদ্য বিতরণ
লালপুর (নাটোর) প্রতিনিধি : নাটোরের লালপুরে সমতল ভূমিতে বসবাসরত অনগ্রসর ক্ষুদ্র নৃ-গোষ্ঠীর আর্থ সামাজিক ও জীবনমান উন্নয়নের লক্ষ্যে সমন্বিত প্রাণিসম্পদ প্রকল্পের আওতায় উপকারভোগীদের মাঝে গো-খাদ্য বিতরণ করা হয়েছে। সোমবার উপজেলা প্রাণিসম্পদ ও ভেটেরিনারি হাসপাতালের উদ্যোগে ১৬ জন উপকারভোগীর মাঝে ১০০ কেজি করে দানাদান খাদ্য প্রদান করা হয়। এ সময় প্রধান অতিথি হিসেবে উপস্থিত থেকে গো-খাদ্য বিতরণ করেন নাটোর-১ (লালপুর-বাগাতিপাড়া) আসনের সংসদ সদস্য শহিদুল ইসলাম বকুল। অন্যান্যের মধ্যে উপস্থিত ছিলেন উপজেলা নির্বাহী অফিসার শামীমা সুলতানা, সহকারী কমিশনার (ভূমি) শাম্মী আক্তার, উপজেলা প্রাণিসম্পদ কর্মকর্তা ডা. চন্দন কুমার সরকার, উপজেলা আ.লীগের সহ-সভাপতি এস্কেন্দার মির্জা, পৌর আ.লীগের সাধারণ সম্পাদক রোকনুল ইসলাম প্রমুখ।
বিতরণ অনুষ্ঠান-২০২২
সিরাজগঞ্জে ভাতা বহি বিতরণ
সিরাজগঞ্জ প্রতিনিধি : সিরাজগঞ্জ সদর উপজেলার কাওয়াকোলা ইউনিয়নের বিধবা, বয়স্ক, প্রতিবন্ধী ও অস্বচ্ছল স্বামী নিগৃহীত মহিলাদের মাঝে ভাতা বহি বিতরণ করা হয়েছে। সোমবার সকালে কাওয়াকোলা ইউনিয়ন পরিষদ চত্বরে সিরাজগঞ্জ সদর উপজেলা চেয়ারম্যান মোহাম্মদ রিয়াজ উদ্দিনের সভাপতিত্বে প্রধান অতিথি হিসেবে বক্তব্য রাখেন সিরাজগঞ্জ কামারখন্দ আসনের সংসদ সদস্য অধ্যাপক ডাক্তার হাবিবে মিল্লাত মুন্না। কাওয়াকোলা ইউনিয়ন পরিষদ চেয়ারম্যান মো. জিয়াউর রহমান জিয়া মুন্সির সঞ্চালনায় বিশেষ অতিথির বক্তব্য রাখেন পৌর আ.লীগের সভাপতি মো. হেলাল উদ্দিন, সদর উপজেলা সমাজসেবা কর্মকর্তা মো. সোহেল রানা, কাওয়াকোলা ইউনিয়ন পরিষদের সাবেক চেয়ারম্যান মো. আব্দুল আলিম, ইউপি সদস্য সানোয়ার হোসেন সানু প্রমুখ। এসময় সদর উপজেলা আওয়ামী লীগ নেতা সৈয়দ বেলাল হোসেন, সাবেক ভাইস চেয়ারম্যান জামাত আলী মুন্সি, মৎস্যজীবী লীগ নেতা সুরুজ্জামান তালুকদার, বীর মুক্তিযোদ্ধা ফজলুর রহমান খান ফজলুসহ সকল ইউপি সদস্যরা উপস্থিত ছিলেন।
রামেকের করোনা ইউনিটে একজনের মৃত্যু
রাজশাহী ব্যুরো: রাজশাহী মেডিকেল কলেজ (রামেক) হাসপাতালের করোনা ইউনিটে একজনের মৃত্যু হয়েছে। গতকাল সোমবার সকাল ৮টা পর্যন্ত গত ২৪ ঘণ্টার মধ্যে রাজশাহীর ষাটোর্ধ্ব এক বৃদ্ধ মারা যান। তিনি করোনার উপসর্গে ভুগছিলেন। হাসপাতালের এক প্রতিবেদনে এ তথ্য জানানো হয়েছে। প্রতিবেদনে বলা হয়েছে, ওই ২৪ ঘণ্টায় করোনা ইউনিটে নতুন কোনো রোগী ভর্তি হননি। ছাড়পত্রও পাননি কেউ। সোমবার সকাল ৮টা পর্যন্ত করোনা ইউনিটে মোট রোগী ভর্তি ছিলেন ১৫ জন। গত রোববার রাজশাহীর ১৪৭টি নমুনা পরীক্ষা হয়েছে। এতে ৩ জনের শরীরে করোনাভাইরাস শনাক্ত হয়েছে। নমুনা পরীক্ষার বিপরীতে সংক্রমণের হার ২ দশমিক ০৪ শতাংশ।
নাগেশ্বরীতে গাঁজা ও মিশুকসহ আটক ১
নাগেশ্বরী (কুড়িগ্রাম) প্রতিনিধি : কুড়িগ্রামের নাগেশ্বরীতে মাদক বিরোধী অভিযান চালিয়ে ১০ কেজি গাঁজা ও মিশুকসহ একজনকে আটক করেছে থানাপুলিশ। পুলিশ জানায়, রোববার রাত সোয়া ১০টার দিকে যানবাহন চেকপোস্টে ডিউটি করাকালে এস.আই তাওহীদুর রহমান, এসআই সাইফুল ইসলাম ও এস.আই রেজাউল করিমের একটি ফোর্স রামখানা ইউনিয়নের কদমতলী হতে আন্ধারীঝাড় ত্রিমোহনী ব্রিজের উপর থেকে মোহাম্মদ রঞ্জু মিয়া (২৫) নামের এক মাদক কারবারীকে ২ পোটলায় ১০ কেজি গাঁজাসহ আটক করে থানায় নিয়ে আসে। এ সময় একটি মিশুক গাড়িও জব্দ করা হয়। ধৃত রঞ্জু মিয়া ভূরুঙ্গামারী উপজেলার পশ্চিম বেলদহ কুড়ারপাড় এলাকার ছফর উদ্দিন ছফদ্দীর ছেলে। নাগেশ্বরী থানার ভারপ্রাপ্ত কর্মকর্তা নবীউল হাসান ঘটনার সত্যতা নিশ্চিৎ করে বলেন, কুড়িগ্রাম পুলিশ সুপার মহোদয়ের নির্দেশক্রমে, মাদক বিরোধী অভিযান চালিয়ে ১০ কেজি গাঁজা ও মিশুকসহ ১ জনকে আটক করে তার বিরুদ্ধে মাদক আইনে মামলা দিয়ে কুড়িগ্রাম জেল হাজতে প্রেরণ করা হয়েছে।
তালোড়ায় চক্ষু শিবির
দুপচাঁচিয়া (বগুড়া) প্রতিনিধি : গ্রামীণ জিসি চক্ষু হাসপাতাল বেতগাড়ী, বগুড়ার আয়োজনে ও দুপচাঁচিয়া উপজেলার তালোড়া শাহ এয়তেবারিয়া কামিল মাদ্রাসার অধ্যক্ষ জিএম মোস্তাফিজুর রহমানের সার্বিক সহযোগিতায় বিনামূল্যে চক্ষু শিবির অনুষ্ঠিত হয়েছে। গতকাল গয়াবান্ধায় অত্র মাদ্রাসার কক্ষে এ চক্ষু শিবির এর উদ্বোধন করেন মাদ্রাসা পরিচালনা পর্ষদের সহসভাপতি ও তালোড়া পৌরসভার কাউন্সিলর মোশারফ হোসেন মুন্সি সেলিম। এসময় টিম লিডার সেলিম পাটোয়ারিসহ মাদ্রাসার শিক্ষক মন্ডলী ও শিক্ষার্থীগণ উপস্থিত ছিলেন। বিনামূল্যে চিকিৎসাসেবা ও ব্যবস্থাপত্র প্রদান করেন চক্ষু বিশেষজ্ঞ ডা. রায়হান রাব্বী। এ চক্ষু শিবিরে ছানিপড়া রোগীদের বাছাই করে স্বল্প মূল্যে অপারেশন করা হবে বলে আয়োজকরা জানিয়েছেন। ১০ সদস্য বিশিষ্ট মেডিকেল টিম এ চক্ষু শিবির পরিচালনা করেন।
